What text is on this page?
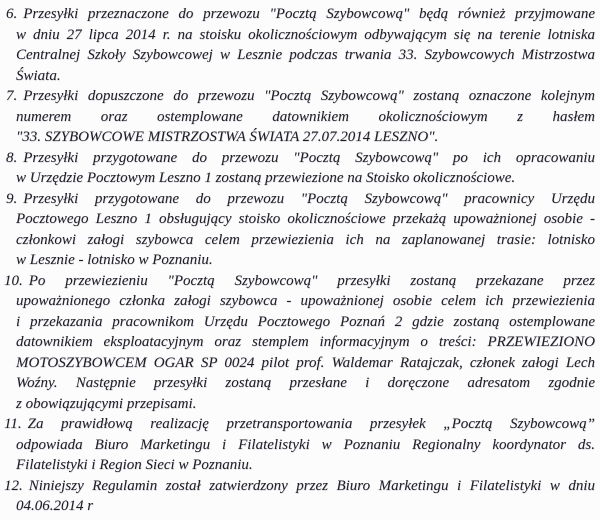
6. Przesyłki przeznaczone do przewozu "Pocztą Szybowcową" będą również przyjmowane
w dniu 27 lipca 2014 r. na stoisku okolicznościowym odbywającym się na terenie lotniska
Centralnej Szkoły Szybowcowej w Lesznie podczas trwania 33. Szybowcowych Mistrzostwa
Świata.
7. Przesyłki dopuszczone do przewozu "Pocztą Szybowcową" zostaną oznaczone kolejnym
numerem oraz ostemplowane datownikiem okolicznościowym z hasłem
"33. SZYBOWCOWE MISTRZOSTWA ŚWIATA 27.07.2014 LESZNO".
8. Przesyłki przygotowane do przewozu "Pocztą Szybowcową" po ich opracowaniu
w Urzędzie Pocztowym Leszno 1 zostaną przewiezione na Stoisko okolicznościowe.
9. Przesyłki przygotowane do przewozu "Pocztą Szybowcową" pracownicy Urzędu
Pocztowego Leszno 1 obsługujący stoisko okolicznościowe przekażą upoważnionej osobie -
członkowi załogi szybowca celem przewiezienia ich na zaplanowanej trasie: lotnisko
w Lesznie - lotnisko w Poznaniu.
10. Po przewiezieniu "Pocztą Szybowcową" przesyłki zostaną przekazane przez
upoważnionego członka załogi szybowca - upoważnionej osobie celem ich przewiezienia
i przekazania pracownikom Urzędu Pocztowego Poznań 2 gdzie zostaną ostemplowane
datownikiem eksploatacyjnym oraz stemplem informacyjnym o treści: PRZEWIEZIONO
MOTOSZYBOWCEM OGAR SP 0024 pilot prof. Waldemar Ratajczak, członek załogi Lech
Woźny. Następnie przesyłki zostaną przesłane i doręczone adresatom zgodnie
z obowiązującymi przepisami.
11. Za prawidłową realizację przetransportowania przesyłek „Pocztą Szybowcową”
odpowiada Biuro Marketingu i Filatelistyki w Poznaniu Regionalny koordynator ds.
Filatelistyki i Region Sieci w Poznaniu.
12. Niniejszy Regulamin został zatwierdzony przez Biuro Marketingu i Filatelistyki w dniu
04.06.2014 r
